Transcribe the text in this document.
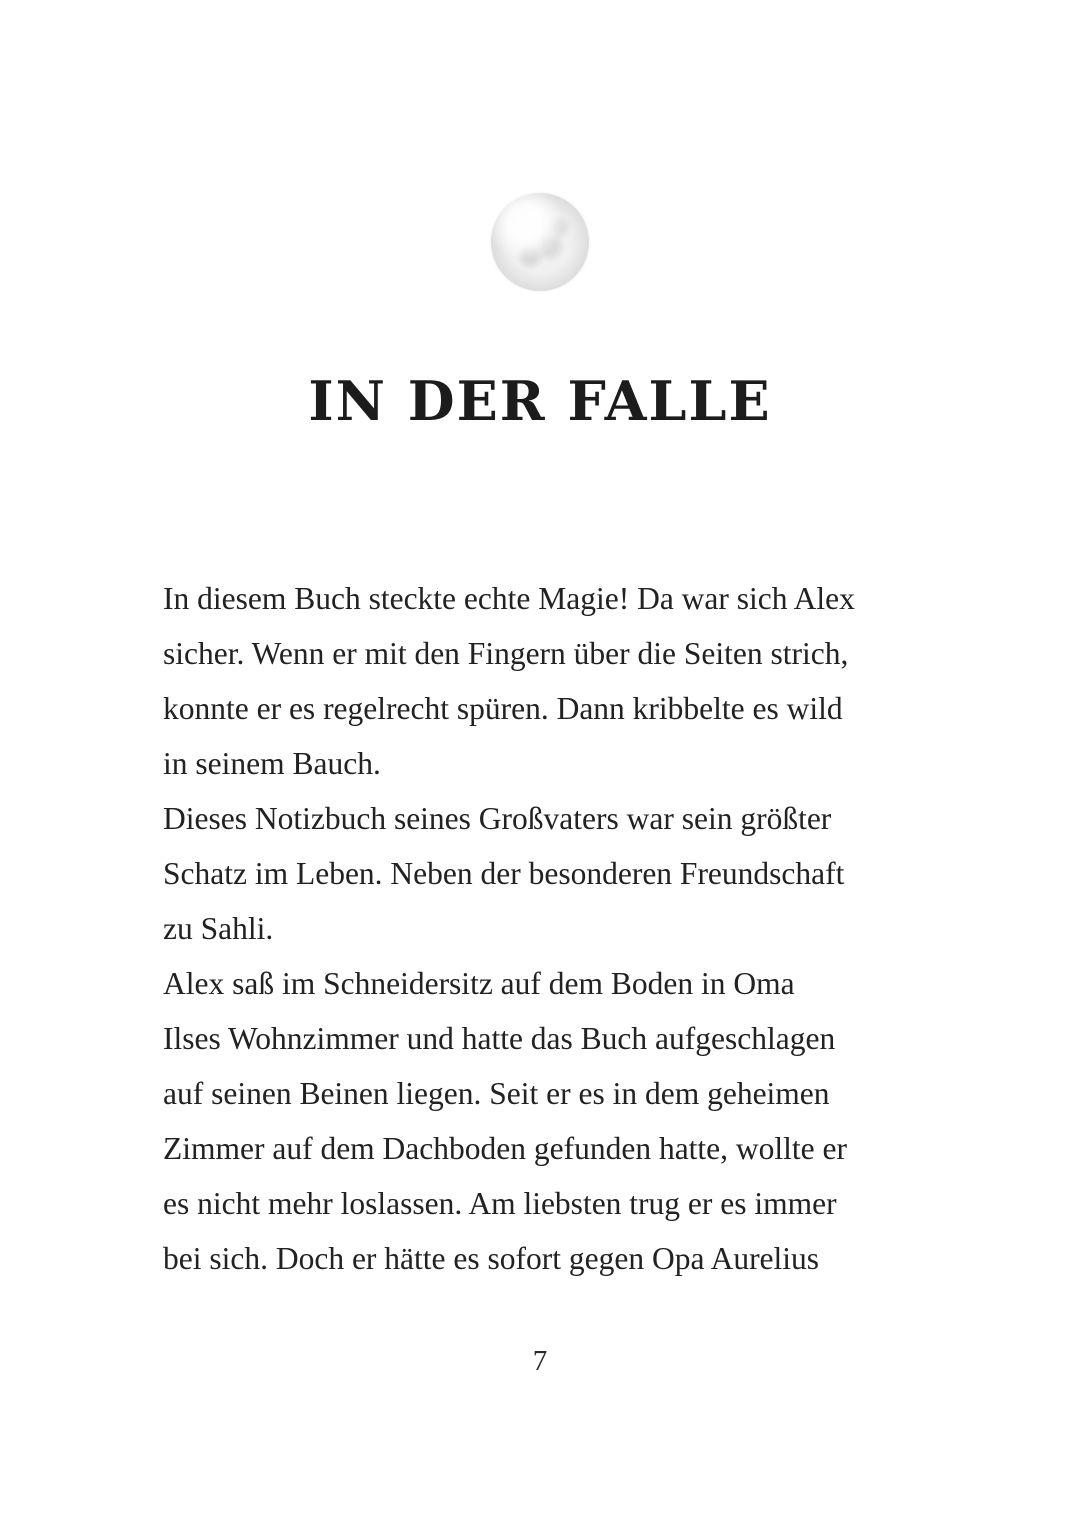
IN DER FALLE
In diesem Buch steckte echte Magie! Da war sich Alex
sicher. Wenn er mit den Fingern über die Seiten strich,
konnte er es regelrecht spüren. Dann kribbelte es wild
in seinem Bauch.
Dieses Notizbuch seines Großvaters war sein größter
Schatz im Leben. Neben der besonderen Freundschaft
zu Sahli.
Alex saß im Schneidersitz auf dem Boden in Oma
Ilses Wohnzimmer und hatte das Buch aufgeschlagen
auf seinen Beinen liegen. Seit er es in dem geheimen
Zimmer auf dem Dachboden gefunden hatte, wollte er
es nicht mehr loslassen. Am liebsten trug er es immer
bei sich. Doch er hätte es sofort gegen Opa Aurelius
7
